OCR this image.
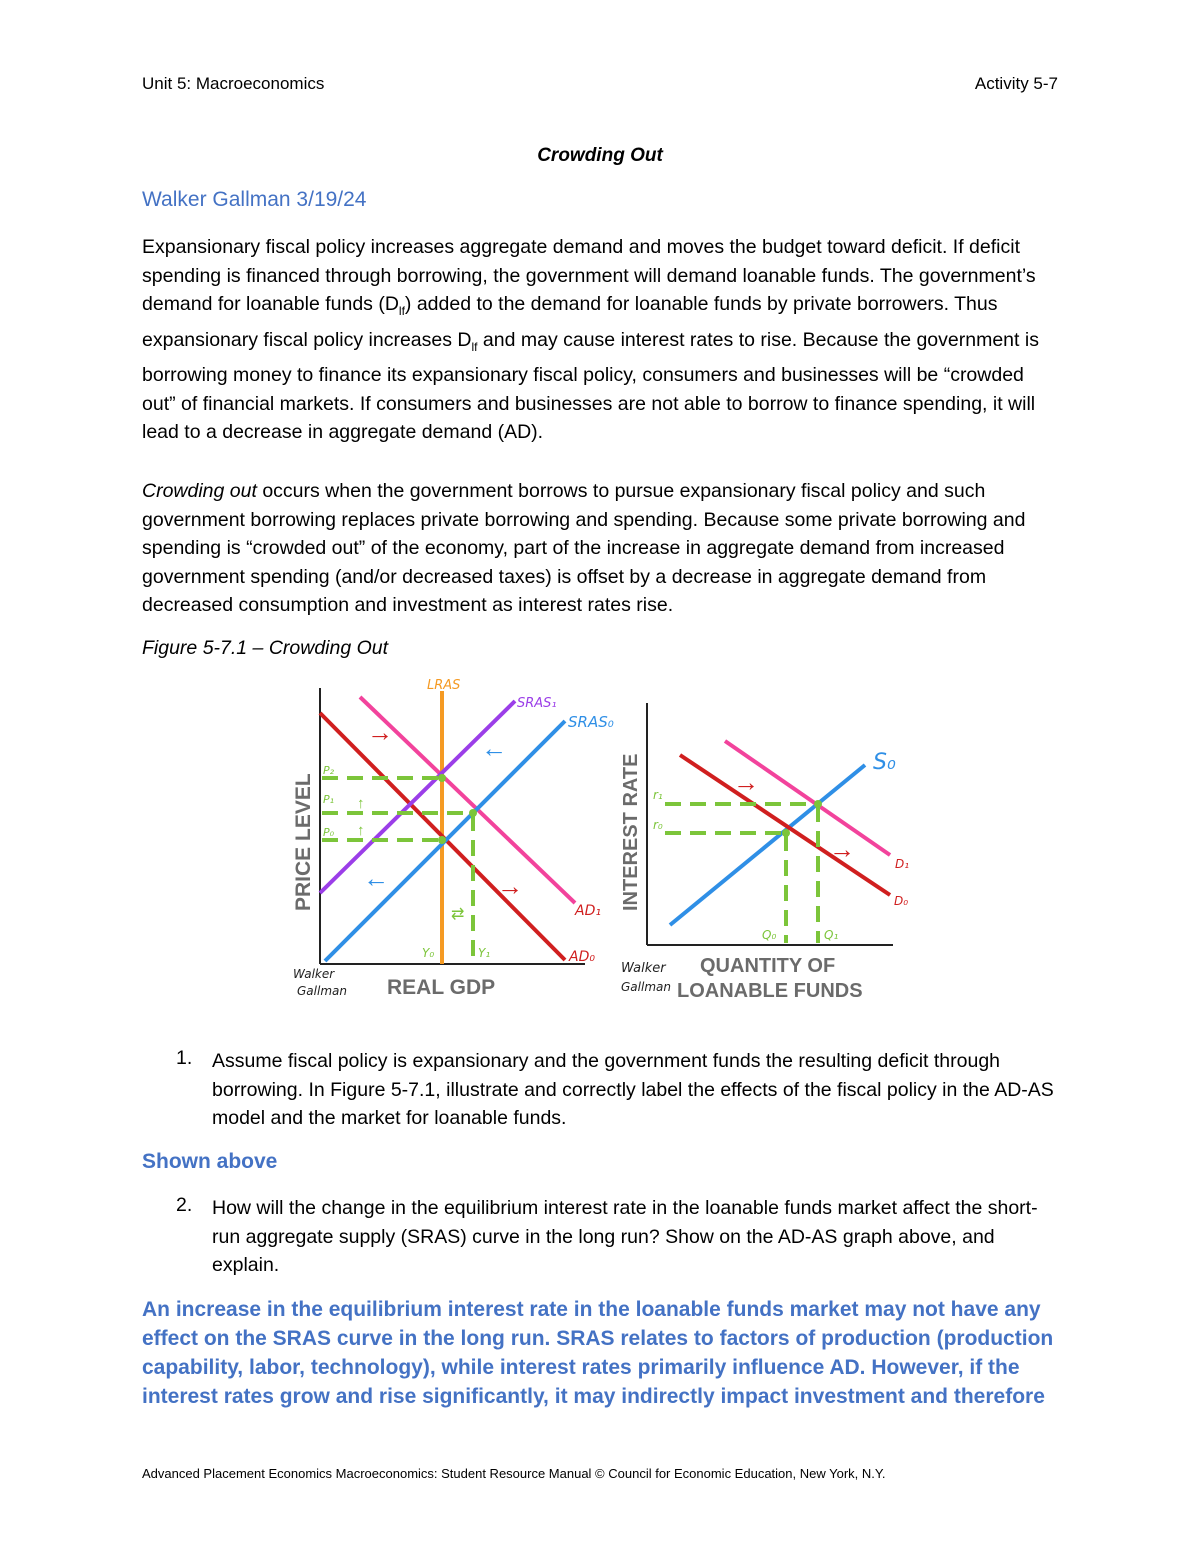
Unit 5: Macroeconomics	Activity 5-7
Crowding Out
Walker Gallman 3/19/24
Expansionary fiscal policy increases aggregate demand and moves the budget toward deficit. If deficit spending is financed through borrowing, the government will demand loanable funds. The government’s demand for loanable funds $(D_{lf})$ added to the demand for loanable funds by private borrowers. Thus expansionary fiscal policy increases $D_{lf}$ and may cause interest rates to rise. Because the government is borrowing money to finance its expansionary fiscal policy, consumers and businesses will be “crowded out” of financial markets. If consumers and businesses are not able to borrow to finance spending, it will lead to a decrease in aggregate demand (AD).
Crowding out occurs when the government borrows to pursue expansionary fiscal policy and such government borrowing replaces private borrowing and spending. Because some private borrowing and spending is “crowded out” of the economy, part of the increase in aggregate demand from increased government spending (and/or decreased taxes) is offset by a decrease in aggregate demand from decreased consumption and investment as interest rates rise.
Figure 5-7.1 – Crowding Out
LRAS
SRAS₁
SRAS₀
AD₁
AD₀
P₂
P₁
P₀
Y₀	Y₁
↑
↑
⇄
→
←
←	→
PRICE LEVEL
REAL GDP
Walker
Gallman
S₀
D₁
D₀
r₁
r₀
Q₀	Q₁
→
→
INTEREST RATE
QUANTITY OF
LOANABLE FUNDS
Walker
Gallman
1. Assume fiscal policy is expansionary and the government funds the resulting deficit through borrowing. In Figure 5-7.1, illustrate and correctly label the effects of the fiscal policy in the AD-AS model and the market for loanable funds.
Shown above
2. How will the change in the equilibrium interest rate in the loanable funds market affect the short-run aggregate supply (SRAS) curve in the long run? Show on the AD-AS graph above, and explain.
An increase in the equilibrium interest rate in the loanable funds market may not have any effect on the SRAS curve in the long run. SRAS relates to factors of production (production capability, labor, technology), while interest rates primarily influence AD. However, if the interest rates grow and rise significantly, it may indirectly impact investment and therefore
Advanced Placement Economics Macroeconomics: Student Resource Manual © Council for Economic Education, New York, N.Y.
